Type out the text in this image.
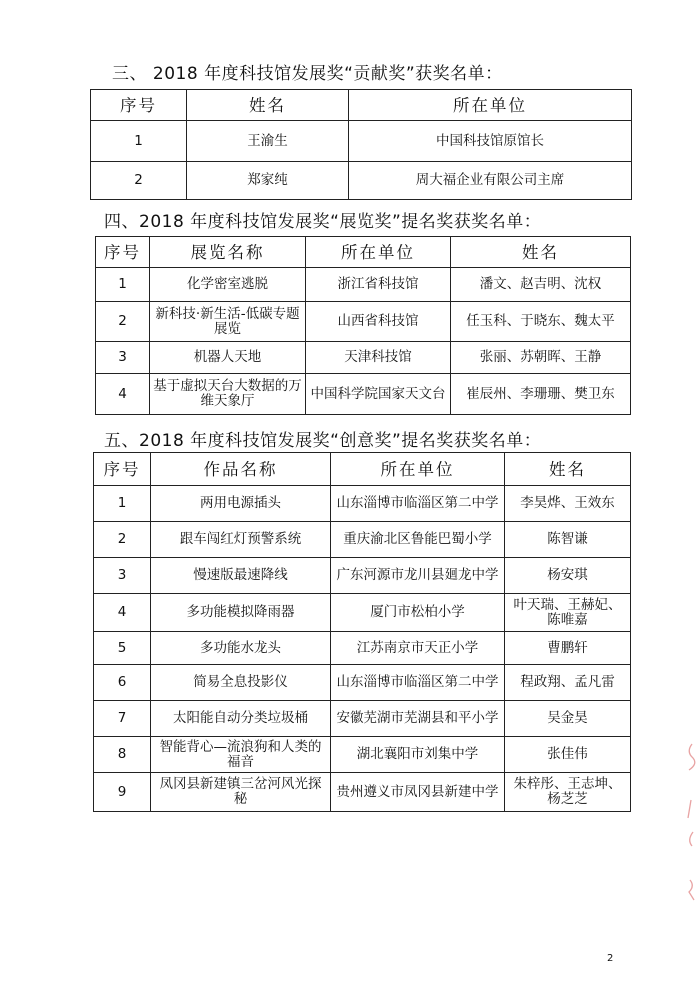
三、 2018 年度科技馆发展奖“贡献奖”获奖名单：
序号	姓名	所在单位
1	王渝生	中国科技馆原馆长
2	郑家纯	周大福企业有限公司主席
四、2018 年度科技馆发展奖“展览奖”提名奖获奖名单：
序号	展览名称	所在单位	姓名
1	化学密室逃脱	浙江省科技馆	潘文、赵吉明、沈权
2	新科技·新生活-低碳专题展览	山西省科技馆	任玉科、于晓东、魏太平
3	机器人天地	天津科技馆	张丽、苏朝晖、王静
4	基于虚拟天台大数据的万维天象厅	中国科学院国家天文台	崔辰州、李珊珊、樊卫东
五、2018 年度科技馆发展奖“创意奖”提名奖获奖名单：
序号	作品名称	所在单位	姓名
1	两用电源插头	山东淄博市临淄区第二中学	李昊烨、王效东
2	跟车闯红灯预警系统	重庆渝北区鲁能巴蜀小学	陈智谦
3	慢速版最速降线	广东河源市龙川县廻龙中学	杨安琪
4	多功能模拟降雨器	厦门市松柏小学	叶天瑞、王赫妃、陈唯嘉
5	多功能水龙头	江苏南京市天正小学	曹鹏轩
6	简易全息投影仪	山东淄博市临淄区第二中学	程政翔、孟凡雷
7	太阳能自动分类垃圾桶	安徽芜湖市芜湖县和平小学	吴金昊
8	智能背心—流浪狗和人类的福音	湖北襄阳市刘集中学	张佳伟
9	凤冈县新建镇三岔河风光探秘	贵州遵义市凤冈县新建中学	朱梓彤、王志坤、杨芝芝
2
